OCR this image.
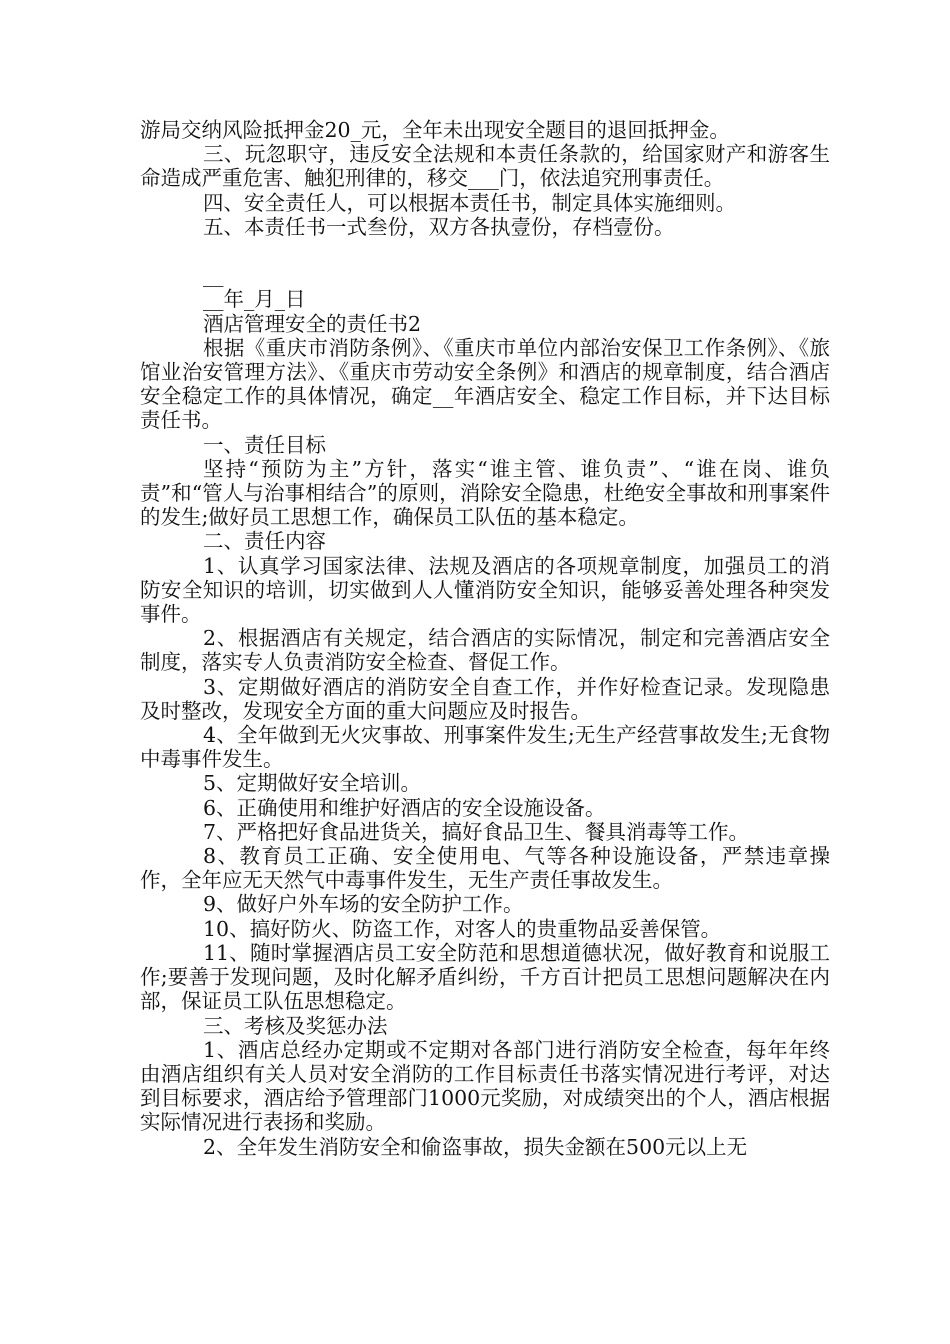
游局交纳风险抵押金20_元，全年未出现安全题目的退回抵押金。

三、玩忽职守，违反安全法规和本责任条款的，给国家财产和游客生命造成严重危害、触犯刑律的，移交___门，依法追究刑事责任。

四、安全责任人，可以根据本责任书，制定具体实施细则。

五、本责任书一式叁份，双方各执壹份，存档壹份。

__

__年_月_日

酒店管理安全的责任书2

根据《重庆市消防条例》、《重庆市单位内部治安保卫工作条例》、《旅馆业治安管理方法》、《重庆市劳动安全条例》和酒店的规章制度，结合酒店安全稳定工作的具体情况，确定__年酒店安全、稳定工作目标，并下达目标责任书。

一、责任目标

坚持“预防为主”方针，落实“谁主管、谁负责”、“谁在岗、谁负责”和“管人与治事相结合”的原则，消除安全隐患，杜绝安全事故和刑事案件的发生;做好员工思想工作，确保员工队伍的基本稳定。

二、责任内容

1、认真学习国家法律、法规及酒店的各项规章制度，加强员工的消防安全知识的培训，切实做到人人懂消防安全知识，能够妥善处理各种突发事件。

2、根据酒店有关规定，结合酒店的实际情况，制定和完善酒店安全制度，落实专人负责消防安全检查、督促工作。

3、定期做好酒店的消防安全自查工作，并作好检查记录。发现隐患及时整改，发现安全方面的重大问题应及时报告。

4、全年做到无火灾事故、刑事案件发生;无生产经营事故发生;无食物中毒事件发生。

5、定期做好安全培训。

6、正确使用和维护好酒店的安全设施设备。

7、严格把好食品进货关，搞好食品卫生、餐具消毒等工作。

8、教育员工正确、安全使用电、气等各种设施设备，严禁违章操作，全年应无天然气中毒事件发生，无生产责任事故发生。

9、做好户外车场的安全防护工作。

10、搞好防火、防盗工作，对客人的贵重物品妥善保管。

11、随时掌握酒店员工安全防范和思想道德状况，做好教育和说服工作;要善于发现问题，及时化解矛盾纠纷，千方百计把员工思想问题解决在内部，保证员工队伍思想稳定。

三、考核及奖惩办法

1、酒店总经办定期或不定期对各部门进行消防安全检查，每年年终由酒店组织有关人员对安全消防的工作目标责任书落实情况进行考评，对达到目标要求，酒店给予管理部门1000元奖励，对成绩突出的个人，酒店根据实际情况进行表扬和奖励。

2、全年发生消防安全和偷盗事故，损失金额在500元以上无
